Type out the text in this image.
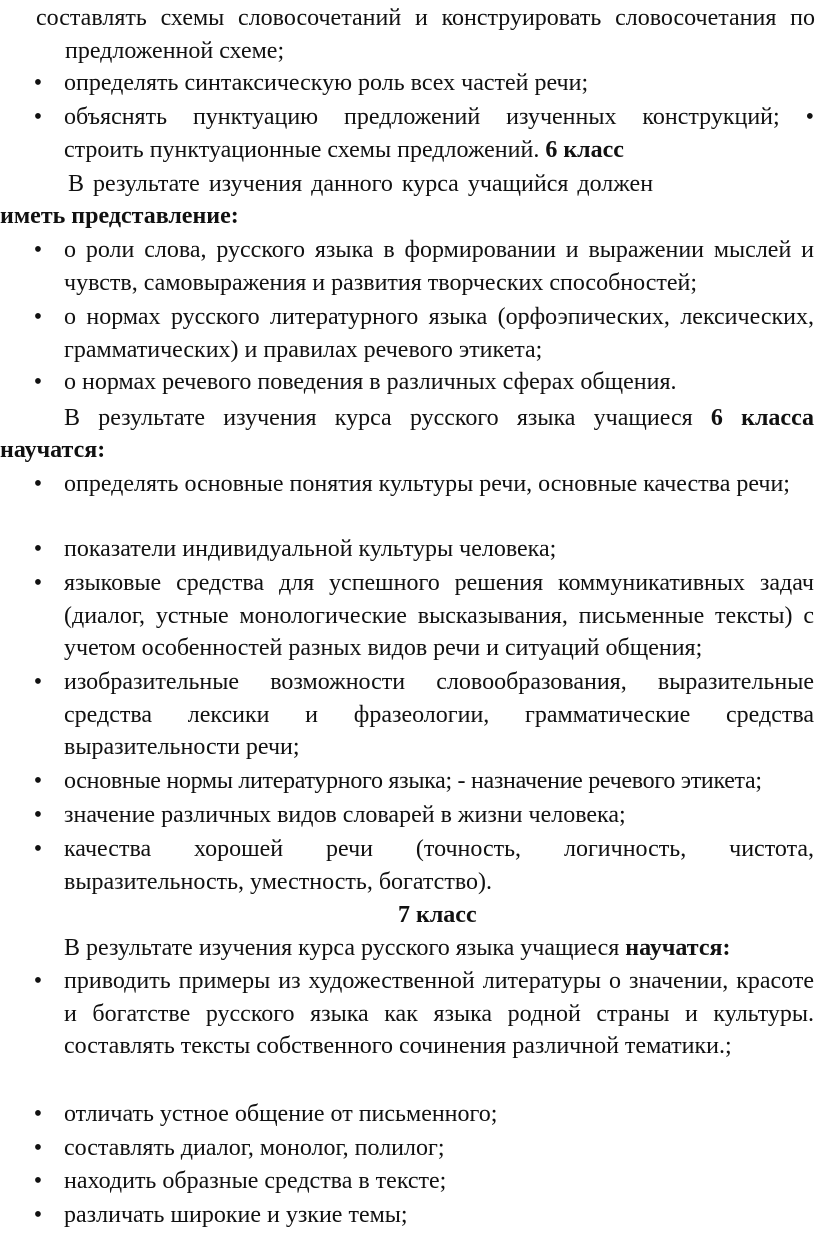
составлять схемы словосочетаний и конструировать словосочетания по предложенной схеме;
• определять синтаксическую роль всех частей речи;
• объяснять пунктуацию предложений изученных конструкций; •
строить пунктуационные схемы предложений. 6 класс
В результате изучения данного курса учащийся должен
иметь представление:
• о роли слова, русского языка в формировании и выражении мыслей и чувств, самовыражения и развития творческих способностей;
• о нормах русского литературного языка (орфоэпических, лексических, грамматических) и правилах речевого этикета;
• о нормах речевого поведения в различных сферах общения.
В результате изучения курса русского языка учащиеся 6 класса
научатся:
• определять основные понятия культуры речи, основные качества речи;
• показатели индивидуальной культуры человека;
• языковые средства для успешного решения коммуникативных задач (диалог, устные монологические высказывания, письменные тексты) с учетом особенностей разных видов речи и ситуаций общения;
• изобразительные возможности словообразования, выразительные средства лексики и фразеологии, грамматические средства выразительности речи;
• основные нормы литературного языка; - назначение речевого этикета;
• значение различных видов словарей в жизни человека;
• качества хорошей речи (точность, логичность, чистота, выразительность, уместность, богатство).
7 класс
В результате изучения курса русского языка учащиеся научатся:
• приводить примеры из художественной литературы о значении, красоте и богатстве русского языка как языка родной страны и культуры. составлять тексты собственного сочинения различной тематики.;
• отличать устное общение от письменного;
• составлять диалог, монолог, полилог;
• находить образные средства в тексте;
• различать широкие и узкие темы;
